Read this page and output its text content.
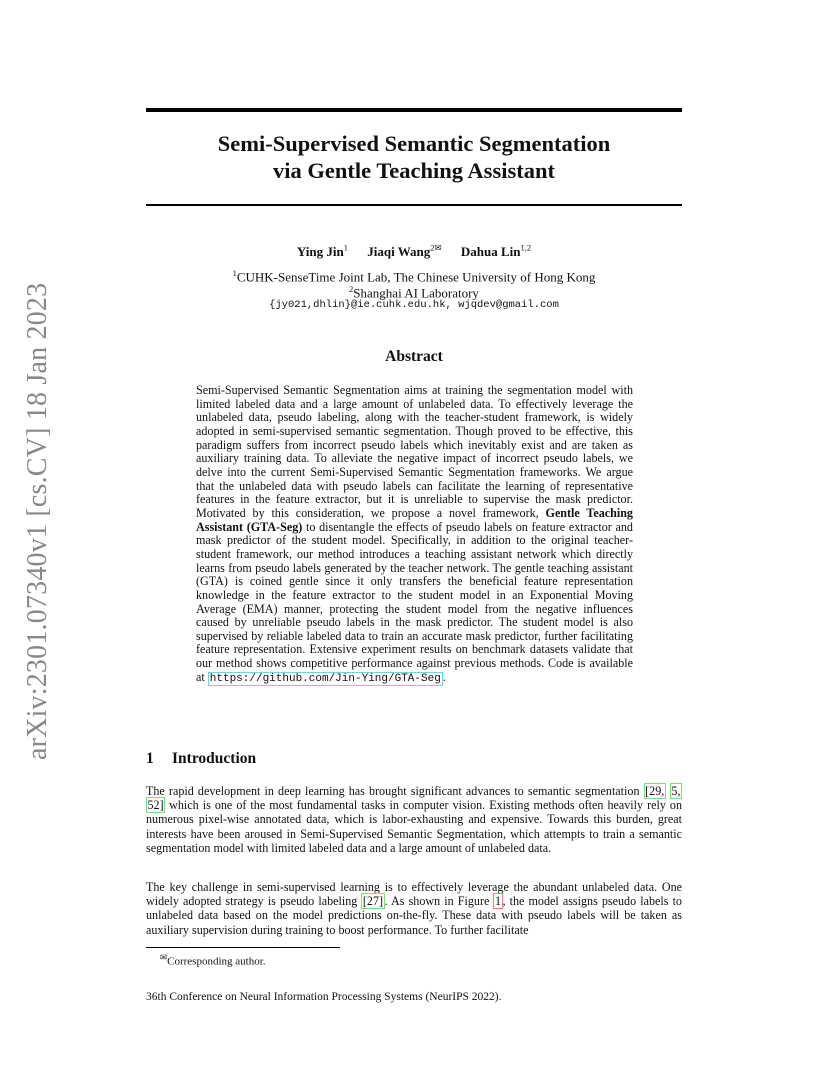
arXiv:2301.07340v1 [cs.CV] 18 Jan 2023
Semi-Supervised Semantic Segmentation
via Gentle Teaching Assistant
Ying Jin$^1$ Jiaqi Wang$^{2✉}$ Dahua Lin$^{1,2}$
$^1$CUHK-SenseTime Joint Lab, The Chinese University of Hong Kong
$^2$Shanghai AI Laboratory
{jy021,dhlin}@ie.cuhk.edu.hk, wjqdev@gmail.com
Abstract
Semi-Supervised Semantic Segmentation aims at training the segmentation model with limited labeled data and a large amount of unlabeled data. To effectively leverage the unlabeled data, pseudo labeling, along with the teacher-student framework, is widely adopted in semi-supervised semantic segmentation. Though proved to be effective, this paradigm suffers from incorrect pseudo labels which inevitably exist and are taken as auxiliary training data. To alleviate the negative impact of incorrect pseudo labels, we delve into the current Semi-Supervised Semantic Segmentation frameworks. We argue that the unlabeled data with pseudo labels can facilitate the learning of representative features in the feature extractor, but it is unreliable to supervise the mask predictor. Motivated by this consideration, we propose a novel framework, Gentle Teaching Assistant (GTA-Seg) to disentangle the effects of pseudo labels on feature extractor and mask predictor of the student model. Specifically, in addition to the original teacher-student framework, our method introduces a teaching assistant network which directly learns from pseudo labels generated by the teacher network. The gentle teaching assistant (GTA) is coined gentle since it only transfers the beneficial feature representation knowledge in the feature extractor to the student model in an Exponential Moving Average (EMA) manner, protecting the student model from the negative influences caused by unreliable pseudo labels in the mask predictor. The student model is also supervised by reliable labeled data to train an accurate mask predictor, further facilitating feature representation. Extensive experiment results on benchmark datasets validate that our method shows competitive performance against previous methods. Code is available at https://github.com/Jin-Ying/GTA-Seg .
1 Introduction
The rapid development in deep learning has brought significant advances to semantic segmentation [29, 5, 52] which is one of the most fundamental tasks in computer vision. Existing methods often heavily rely on numerous pixel-wise annotated data, which is labor-exhausting and expensive. Towards this burden, great interests have been aroused in Semi-Supervised Semantic Segmentation, which attempts to train a semantic segmentation model with limited labeled data and a large amount of unlabeled data.
The key challenge in semi-supervised learning is to effectively leverage the abundant unlabeled data. One widely adopted strategy is pseudo labeling [27] . As shown in Figure 1 , the model assigns pseudo labels to unlabeled data based on the model predictions on-the-fly. These data with pseudo labels will be taken as auxiliary supervision during training to boost performance. To further facilitate
✉Corresponding author.
36th Conference on Neural Information Processing Systems (NeurIPS 2022).
